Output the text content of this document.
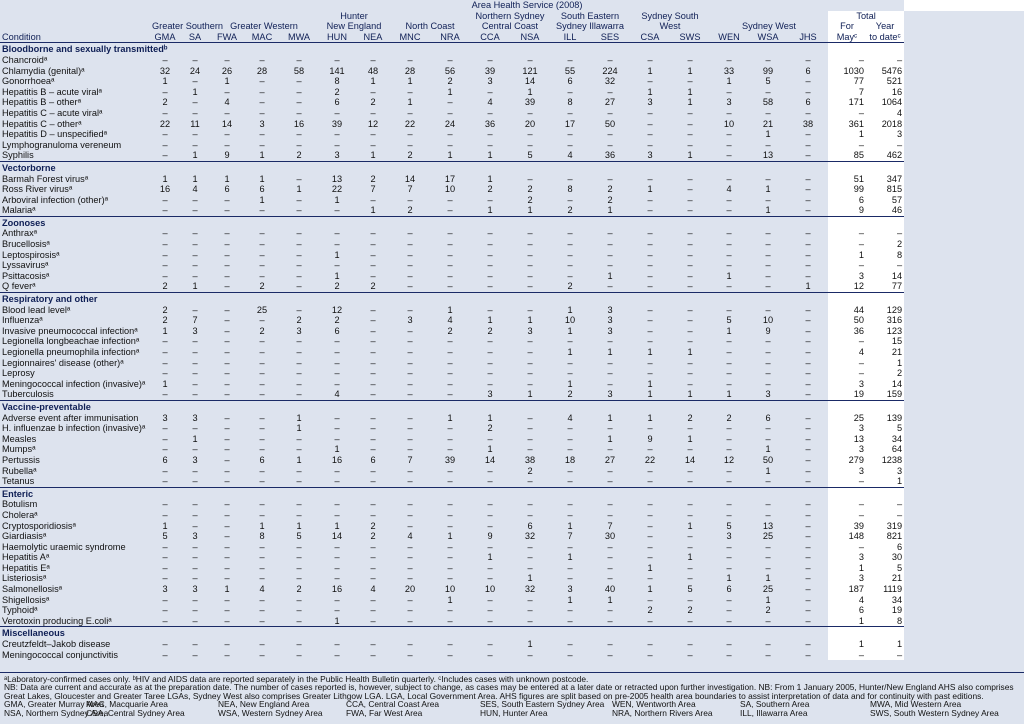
	Area Health Service (2008)																					
						Hunter				Northern Sydney		South Eastern		Sydney South					Total			
	Greater Southern		Greater Western			New England		North Coast		Central Coast		Sydney Illawarra		West		Sydney West			For	Year		
Condition	GMA	SA	FWA	MAC	MWA	HUN	NEA	MNC	NRA	CCA	NSA	ILL	SES	CSA	SWS	WEN	WSA	JHS	Mayᶜ	to dateᶜ		
Bloodborne and sexually transmittedᵇ																						
Chancroidᵃ	–	–	–	–	–	–	–	–	–	–	–	–	–	–	–	–	–	–	–	–		
Chlamydia (genital)ᵃ	32	24	26	28	58	141	48	28	56	39	121	55	224	1	1	33	99	6	1030	5476		
Gonorrhoeaᵃ	1	–	1	–	–	8	1	1	2	3	14	6	32	–	–	1	5	–	77	521		
Hepatitis B – acute viralᵃ	–	1	–	–	–	2	–	–	1	–	1	–	–	1	1	–	–	–	7	16		
Hepatitis B – otherᵃ	2	–	4	–	–	6	2	1	–	4	39	8	27	3	1	3	58	6	171	1064		
Hepatitis C – acute viralᵃ	–	–	–	–	–	–	–	–	–	–	–	–	–	–	–	–	–	–	–	4		
Hepatitis C – otherᵃ	22	11	14	3	16	39	12	22	24	36	20	17	50	–	–	10	21	38	361	2018		
Hepatitis D – unspecifiedᵃ	–	–	–	–	–	–	–	–	–	–	–	–	–	–	–	–	1	–	1	3		
Lymphogranuloma vereneum	–	–	–	–	–	–	–	–	–	–	–	–	–	–	–	–	–	–	–	–		
Syphilis	–	1	9	1	2	3	1	2	1	1	5	4	36	3	1	–	13	–	85	462		
Vectorborne																						
Barmah Forest virusᵃ	1	1	1	1	–	13	2	14	17	1	–	–	–	–	–	–	–	–	51	347		
Ross River virusᵃ	16	4	6	6	1	22	7	7	10	2	2	8	2	1	–	4	1	–	99	815		
Arboviral infection (other)ᵃ	–	–	–	1	–	1	–	–	–	–	2	–	2	–	–	–	–	–	6	57		
Malariaᵃ	–	–	–	–	–	–	1	2	–	1	1	2	1	–	–	–	1	–	9	46		
Zoonoses																						
Anthraxᵃ	–	–	–	–	–	–	–	–	–	–	–	–	–	–	–	–	–	–	–	–		
Brucellosisᵃ	–	–	–	–	–	–	–	–	–	–	–	–	–	–	–	–	–	–	–	2		
Leptospirosisᵃ	–	–	–	–	–	1	–	–	–	–	–	–	–	–	–	–	–	–	1	8		
Lyssavirusᵃ	–	–	–	–	–	–	–	–	–	–	–	–	–	–	–	–	–	–	–	–		
Psittacosisᵃ	–	–	–	–	–	1	–	–	–	–	–	–	1	–	–	1	–	–	3	14		
Q feverᵃ	2	1	–	2	–	2	2	–	–	–	–	2	–	–	–	–	–	1	12	77		
Respiratory and other																						
Blood lead levelᵃ	2	–	–	25	–	12	–	–	1	–	–	1	3	–	–	–	–	–	44	129		
Influenzaᵃ	2	7	–	–	2	2	–	3	4	1	1	10	3	–	–	5	10	–	50	316		
Invasive pneumococcal infectionᵃ	1	3	–	2	3	6	–	–	2	2	3	1	3	–	–	1	9	–	36	123		
Legionella longbeachae infectionᵃ	–	–	–	–	–	–	–	–	–	–	–	–	–	–	–	–	–	–	–	15		
Legionella pneumophila infectionᵃ	–	–	–	–	–	–	–	–	–	–	–	1	1	1	1	–	–	–	4	21		
Legionnaires' disease (other)ᵃ	–	–	–	–	–	–	–	–	–	–	–	–	–	–	–	–	–	–	–	1		
Leprosy	–	–	–	–	–	–	–	–	–	–	–	–	–	–	–	–	–	–	–	2		
Meningococcal infection (invasive)ᵃ	1	–	–	–	–	–	–	–	–	–	–	1	–	1	–	–	–	–	3	14		
Tuberculosis	–	–	–	–	–	4	–	–	–	3	1	2	3	1	1	1	3	–	19	159		
Vaccine-preventable																						
Adverse event after immunisation	3	3	–	–	1	–	–	–	1	1	–	4	1	1	2	2	6	–	25	139		
H. influenzae b infection (invasive)ᵃ	–	–	–	–	1	–	–	–	–	2	–	–	–	–	–	–	–	–	3	5		
Measles	–	1	–	–	–	–	–	–	–	–	–	–	1	9	1	–	–	–	13	34		
Mumpsᵃ	–	–	–	–	–	1	–	–	–	1	–	–	–	–	–	–	1	–	3	64		
Pertussis	6	3	–	6	1	16	6	7	39	14	38	18	27	22	14	12	50	–	279	1238		
Rubellaᵃ	–	–	–	–	–	–	–	–	–	–	2	–	–	–	–	–	1	–	3	3		
Tetanus	–	–	–	–	–	–	–	–	–	–	–	–	–	–	–	–	–	–	–	1		
Enteric																						
Botulism	–	–	–	–	–	–	–	–	–	–	–	–	–	–	–	–	–	–	–	–		
Choleraᵃ	–	–	–	–	–	–	–	–	–	–	–	–	–	–	–	–	–	–	–	–		
Cryptosporidiosisᵃ	1	–	–	1	1	1	2	–	–	–	6	1	7	–	1	5	13	–	39	319		
Giardiasisᵃ	5	3	–	8	5	14	2	4	1	9	32	7	30	–	–	3	25	–	148	821		
Haemolytic uraemic syndrome	–	–	–	–	–	–	–	–	–	–	–	–	–	–	–	–	–	–	–	6		
Hepatitis Aᵃ	–	–	–	–	–	–	–	–	–	1	–	1	–	–	1	–	–	–	3	30		
Hepatitis Eᵃ	–	–	–	–	–	–	–	–	–	–	–	–	–	1	–	–	–	–	1	5		
Listeriosisᵃ	–	–	–	–	–	–	–	–	–	–	1	–	–	–	–	1	1	–	3	21		
Salmonellosisᵃ	3	3	1	4	2	16	4	20	10	10	32	3	40	1	5	6	25	–	187	1119		
Shigellosisᵃ	–	–	–	–	–	–	–	–	1	–	–	1	1	–	–	–	1	–	4	34		
Typhoidᵃ	–	–	–	–	–	–	–	–	–	–	–	–	–	2	2	–	2	–	6	19		
Verotoxin producing E.coliᵃ	–	–	–	–	–	1	–	–	–	–	–	–	–	–	–	–	–	–	1	8		
Miscellaneous																						
Creutzfeldt–Jakob disease	–	–	–	–	–	–	–	–	–	–	1	–	–	–	–	–	–	–	1	1		
Meningococcal conjunctivitis	–	–	–	–	–	–	–	–	–	–	–	–	–	–	–	–	–	–	–	–		
ᵃLaboratory-confirmed cases only. ᵇHIV and AIDS data are reported separately in the Public Health Bulletin quarterly. ᶜIncludes cases with unknown postcode.
NB: Data are current and accurate as at the preparation date. The number of cases reported is, however, subject to change, as cases may be entered at a later date or retracted upon further investigation. NB: From 1 January 2005, Hunter/New England AHS also comprises
Great Lakes, Gloucester and Greater Taree LGAs, Sydney West also comprises Greater Lithgow LGA. LGA, Local Government Area. AHS figures are split based on pre-2005 health area boundaries to assist interpretation of data and for continuity with past editions.
GMA, Greater Murray Area
MAC, Macquarie Area	NEA, New England Area	CCA, Central Coast Area	SES, South Eastern Sydney Area WEN, Wentworth Area	SA, Southern Area	MWA, Mid Western Area
NSA, Northern Sydney Area
CSA, Central Sydney Area	WSA, Western Sydney Area	FWA, Far West Area	HUN, Hunter Area	NRA, Northern Rivers Area	ILL, Illawarra Area	SWS, South Western Sydney Area
